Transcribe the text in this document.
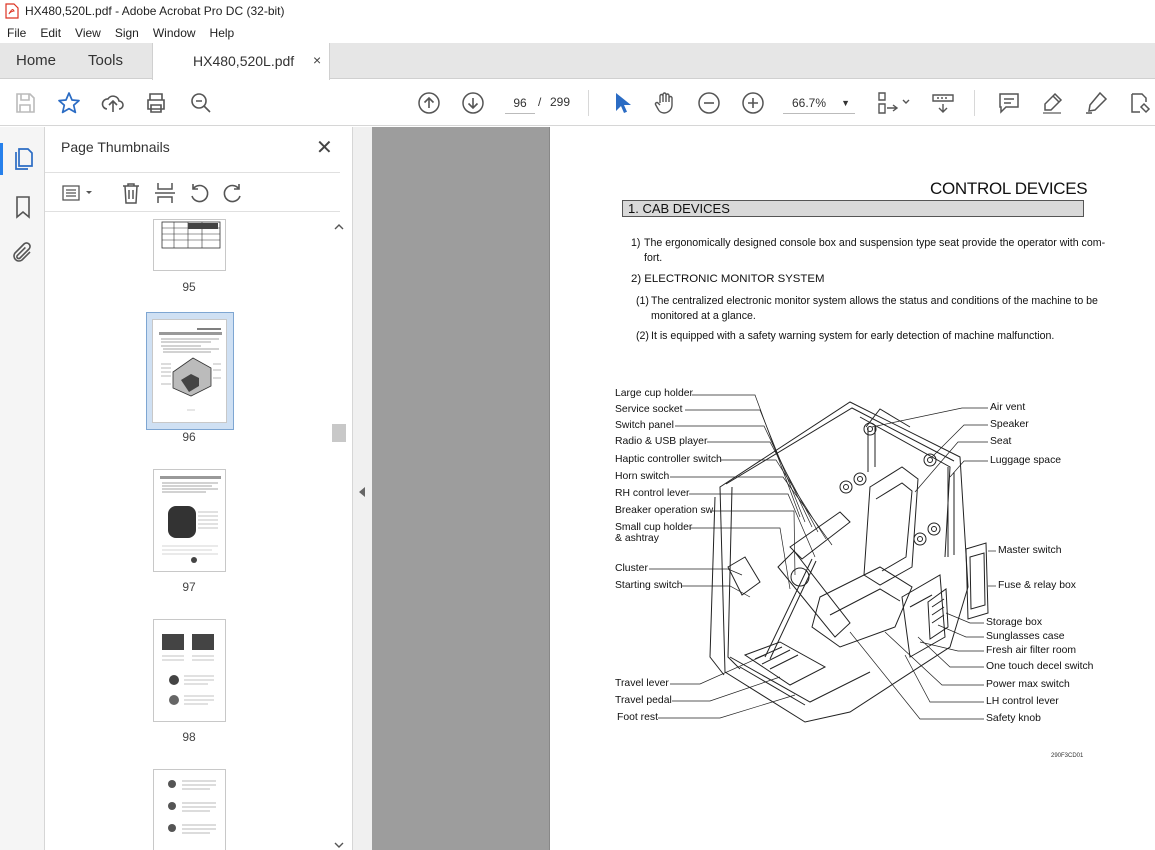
HX480,520L.pdf - Adobe Acrobat Pro DC (32-bit)
File	Edit	View	Sign	Window	Help
Home Tools	HX480,520L.pdf ×
96 / 299	66.7% ▼
Page Thumbnails	✕
95
96
97
98
CONTROL DEVICES
1. CAB DEVICES
1) The ergonomically designed console box and suspension type seat provide the operator with com-
fort.
2) ELECTRONIC MONITOR SYSTEM
(1) The centralized electronic monitor system allows the status and conditions of the machine to be
monitored at a glance.
(2) It is equipped with a safety warning system for early detection of machine malfunction.
Large cup holder
Service socket
Switch panel
Radio & USB player
Haptic controller switch
Horn switch
RH control lever
Breaker operation sw
Small cup holder
& ashtray
Cluster
Starting switch
Travel lever
Travel pedal
Foot rest
Air vent
Speaker
Seat
Luggage space
Master switch
Fuse & relay box
Storage box
Sunglasses case
Fresh air filter room
One touch decel switch
Power max switch
LH control lever
Safety knob
290F3CD01
